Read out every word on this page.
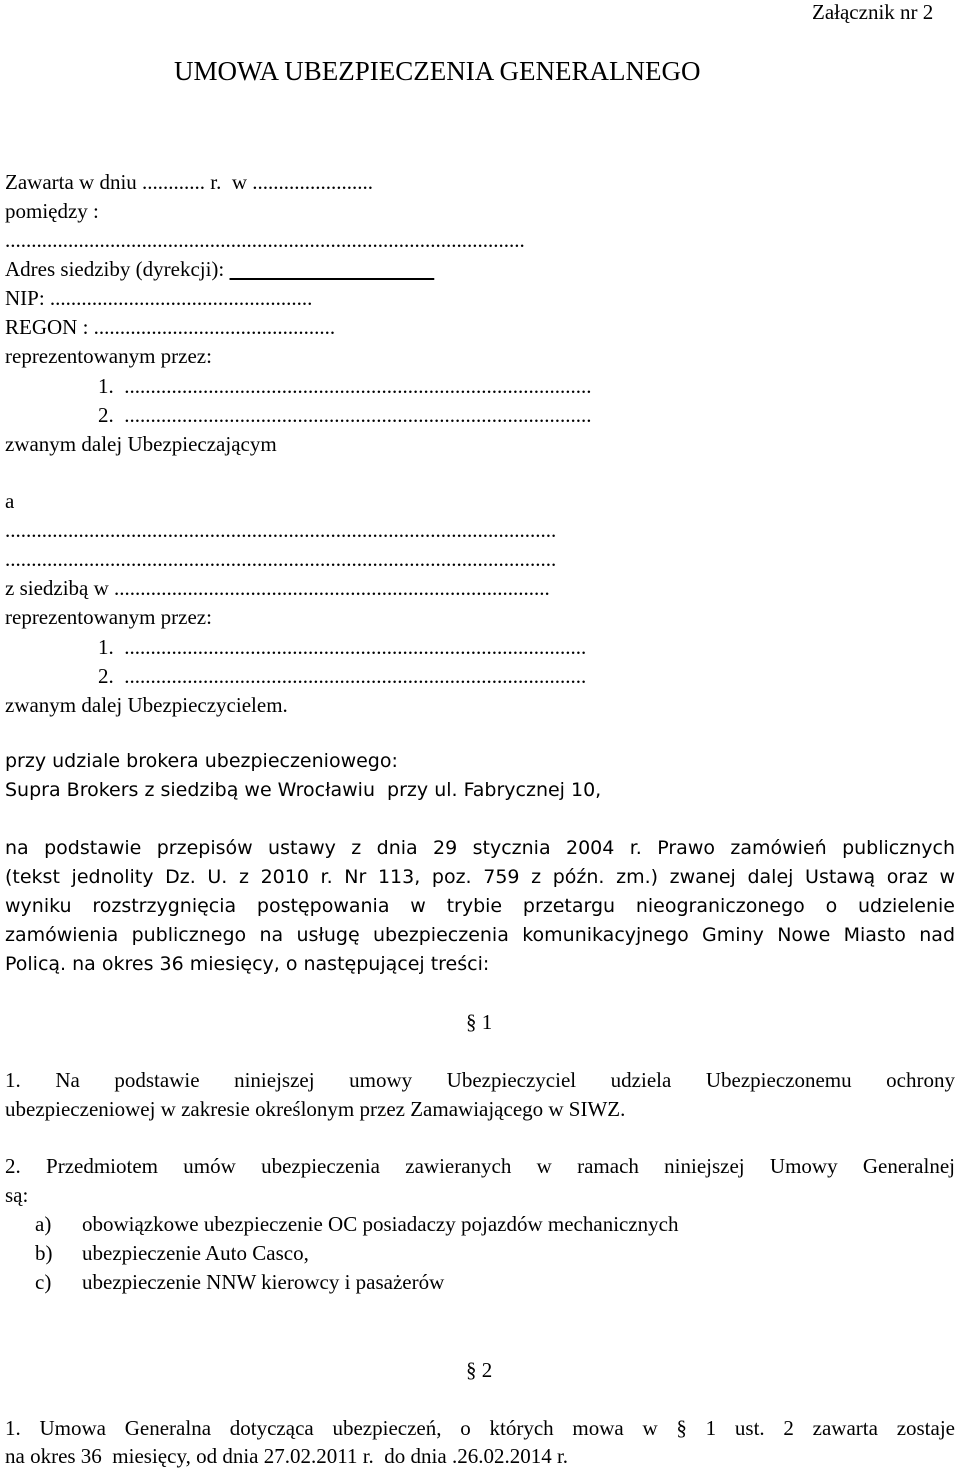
Załącznik nr 2
UMOWA UBEZPIECZENIA GENERALNEGO
Zawarta w dniu ............ r.  w .......................
pomiędzy :
...................................................................................................
Adres siedziby (dyrekcji):
NIP: ..................................................
REGON : ..............................................
reprezentowanym przez:
1.  .........................................................................................
2.  .........................................................................................
zwanym dalej Ubezpieczającym
a
.........................................................................................................
.........................................................................................................
z siedzibą w ...................................................................................
reprezentowanym przez:
1.  ........................................................................................
2.  ........................................................................................
zwanym dalej Ubezpieczycielem.
przy udziale brokera ubezpieczeniowego:
Supra Brokers z siedzibą we Wrocławiu  przy ul. Fabrycznej 10,
na podstawie przepisów ustawy z dnia 29 stycznia 2004 r. Prawo zamówień publicznych
(tekst jednolity Dz. U. z 2010 r. Nr 113, poz. 759 z późn. zm.) zwanej dalej Ustawą oraz w
wyniku rozstrzygnięcia postępowania w trybie przetargu nieograniczonego o udzielenie
zamówienia publicznego na usługę ubezpieczenia komunikacyjnego Gminy Nowe Miasto nad
Policą. na okres 36 miesięcy, o następującej treści:
§ 1
1. Na podstawie niniejszej umowy Ubezpieczyciel udziela Ubezpieczonemu ochrony
ubezpieczeniowej w zakresie określonym przez Zamawiającego w SIWZ.
2. Przedmiotem umów ubezpieczenia zawieranych w ramach niniejszej Umowy Generalnej
są:
a) obowiązkowe ubezpieczenie OC posiadaczy pojazdów mechanicznych
b) ubezpieczenie Auto Casco,
c) ubezpieczenie NNW kierowcy i pasażerów
§ 2
1. Umowa Generalna dotycząca ubezpieczeń, o których mowa w § 1 ust. 2 zawarta zostaje
na okres 36  miesięcy, od dnia 27.02.2011 r.  do dnia .26.02.2014 r.
